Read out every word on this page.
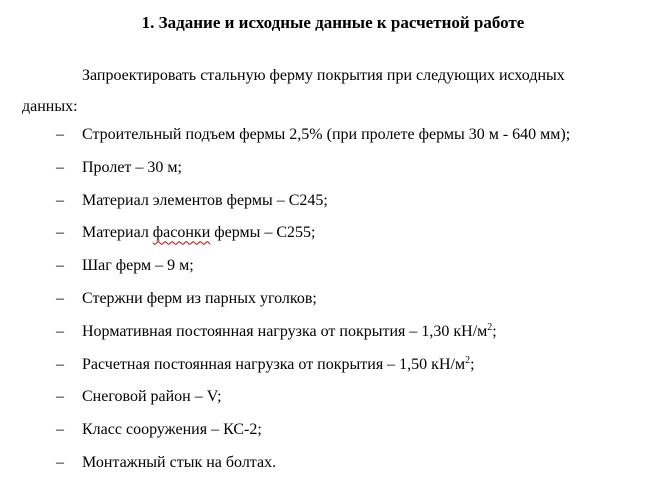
1. Задание и исходные данные к расчетной работе
Запроектировать стальную ферму покрытия при следующих исходных
данных:
– Строительный подъем фермы 2,5% (при пролете фермы 30 м - 640 мм);
– Пролет – 30 м;
– Материал элементов фермы – С245;
– Материал фасонки фермы – С255;
– Шаг ферм – 9 м;
– Стержни ферм из парных уголков;
– Нормативная постоянная нагрузка от покрытия – 1,30 $кН/м^2$;
– Расчетная постоянная нагрузка от покрытия – 1,50 $кН/м^2$;
– Снеговой район – V;
– Класс сооружения – КС-2;
– Монтажный стык на болтах.
